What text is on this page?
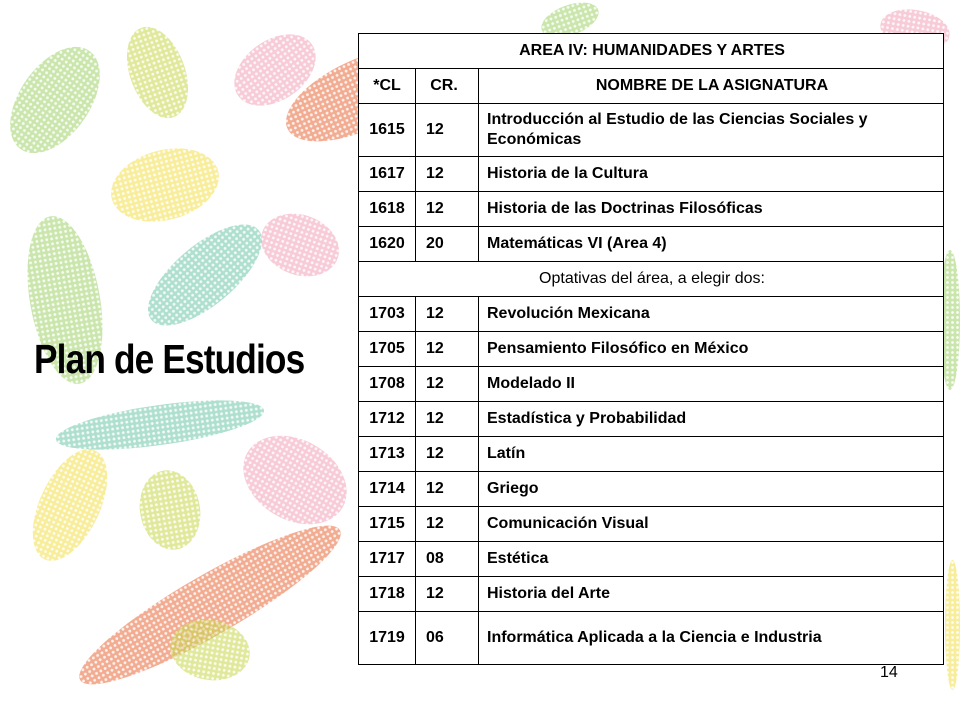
Plan de Estudios
AREA IV: HUMANIDADES Y ARTES		
*CL	CR.	NOMBRE DE LA ASIGNATURA
1615	12	Introducción al Estudio de las Ciencias Sociales y Económicas
1617	12	Historia de la Cultura
1618	12	Historia de las Doctrinas Filosóficas
1620	20	Matemáticas VI (Area 4)
Optativas del área, a elegir dos:		
1703	12	Revolución Mexicana
1705	12	Pensamiento Filosófico en México
1708	12	Modelado II
1712	12	Estadística y Probabilidad
1713	12	Latín
1714	12	Griego
1715	12	Comunicación Visual
1717	08	Estética
1718	12	Historia del Arte
1719	06	Informática Aplicada a la Ciencia e Industria
14
